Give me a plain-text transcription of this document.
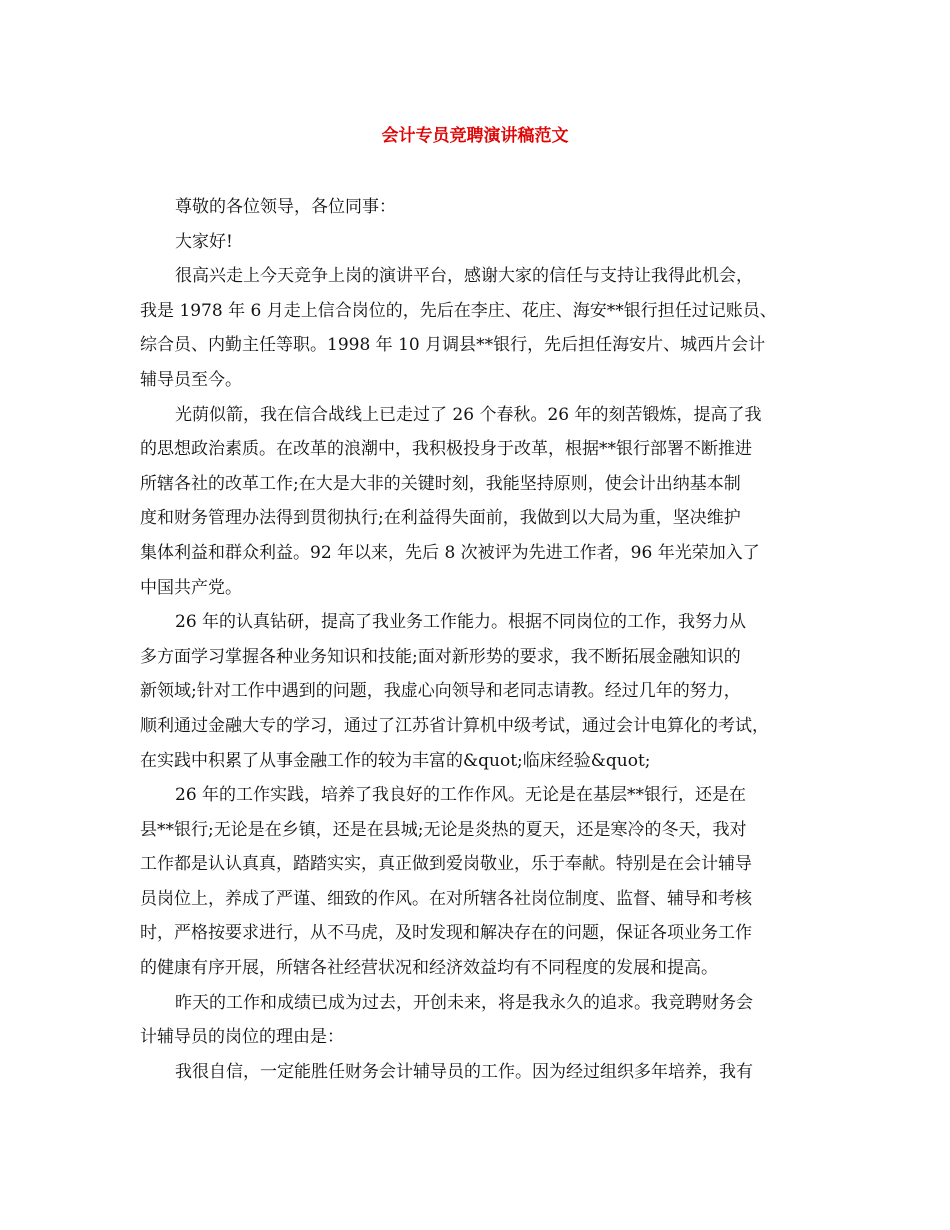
会计专员竞聘演讲稿范文
尊敬的各位领导，各位同事：
大家好!
很高兴走上今天竞争上岗的演讲平台，感谢大家的信任与支持让我得此机会，
我是 1978 年 6 月走上信合岗位的，先后在李庄、花庄、海安**银行担任过记账员、
综合员、内勤主任等职。1998 年 10 月调县**银行，先后担任海安片、城西片会计
辅导员至今。
光荫似箭，我在信合战线上已走过了 26 个春秋。26 年的刻苦锻炼，提高了我
的思想政治素质。在改革的浪潮中，我积极投身于改革，根据**银行部署不断推进
所辖各社的改革工作;在大是大非的关键时刻，我能坚持原则，使会计出纳基本制
度和财务管理办法得到贯彻执行;在利益得失面前，我做到以大局为重，坚决维护
集体利益和群众利益。92 年以来，先后 8 次被评为先进工作者，96 年光荣加入了
中国共产党。
26 年的认真钻研，提高了我业务工作能力。根据不同岗位的工作，我努力从
多方面学习掌握各种业务知识和技能;面对新形势的要求，我不断拓展金融知识的
新领域;针对工作中遇到的问题，我虚心向领导和老同志请教。经过几年的努力，
顺利通过金融大专的学习，通过了江苏省计算机中级考试，通过会计电算化的考试，
在实践中积累了从事金融工作的较为丰富的&quot;临床经验&quot;
26 年的工作实践，培养了我良好的工作作风。无论是在基层**银行，还是在
县**银行;无论是在乡镇，还是在县城;无论是炎热的夏天，还是寒冷的冬天，我对
工作都是认认真真，踏踏实实，真正做到爱岗敬业，乐于奉献。特别是在会计辅导
员岗位上，养成了严谨、细致的作风。在对所辖各社岗位制度、监督、辅导和考核
时，严格按要求进行，从不马虎，及时发现和解决存在的问题，保证各项业务工作
的健康有序开展，所辖各社经营状况和经济效益均有不同程度的发展和提高。
昨天的工作和成绩已成为过去，开创未来，将是我永久的追求。我竞聘财务会
计辅导员的岗位的理由是：
我很自信，一定能胜任财务会计辅导员的工作。因为经过组织多年培养，我有
